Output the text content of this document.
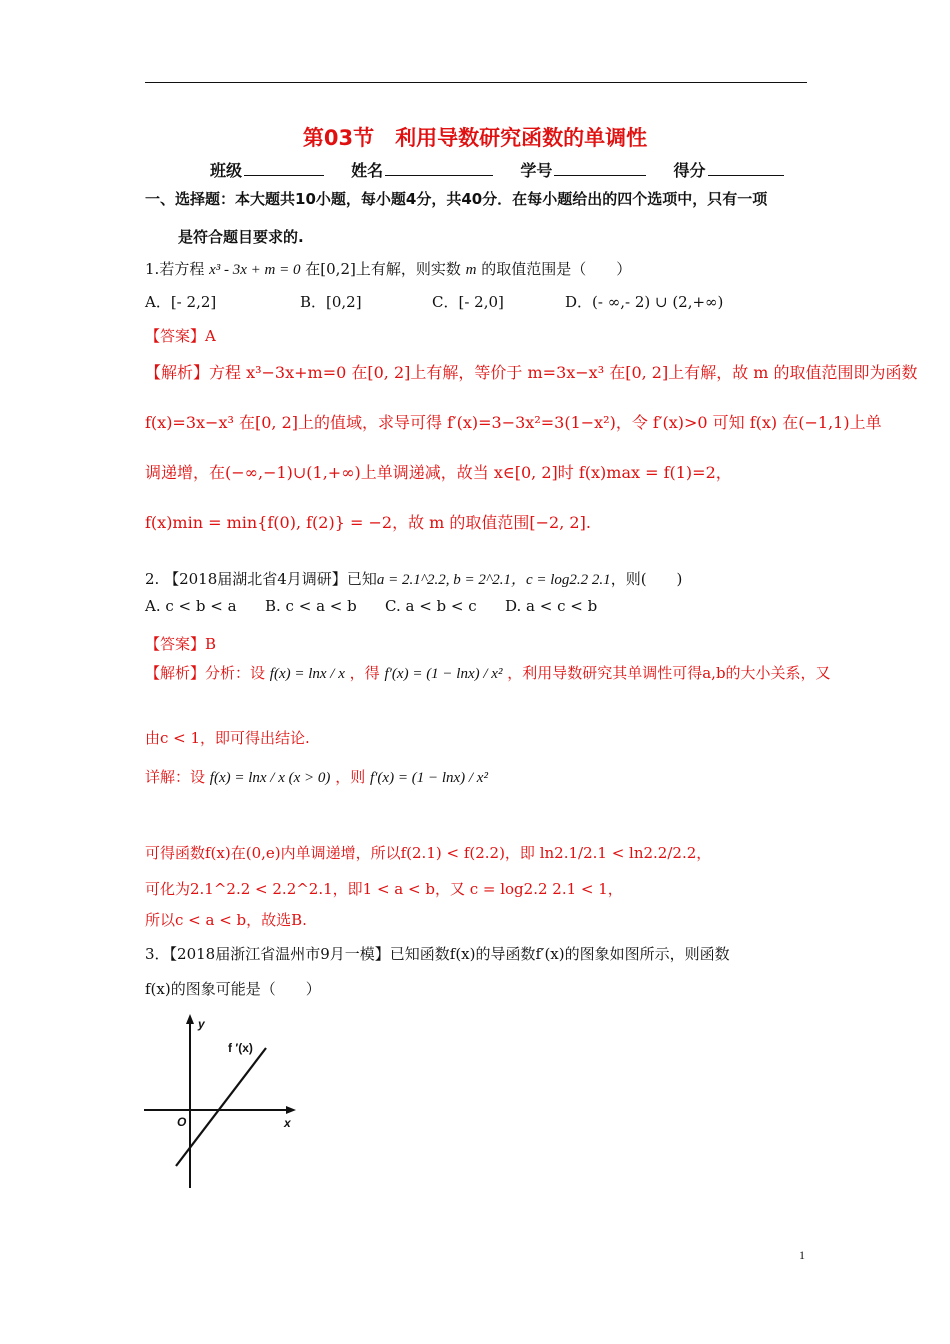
第03节　利用导数研究函数的单调性
班级	姓名	学号	得分
一、选择题：本大题共10小题，每小题4分，共40分．在每小题给出的四个选项中，只有一项
是符合题目要求的.
1.若方程 x³ - 3x + m = 0 在[0,2]上有解，则实数 m 的取值范围是（　　）
A．[- 2,2]	B．[0,2]	C．[- 2,0]	D．(- ∞,- 2) ∪ (2,+∞)
【答案】A
【解析】方程 x³−3x+m=0 在[0, 2]上有解，等价于 m=3x−x³ 在[0, 2]上有解，故 m 的取值范围即为函数
f(x)=3x−x³ 在[0, 2]上的值域，求导可得 f′(x)=3−3x²=3(1−x²)，令 f′(x)>0 可知 f(x) 在(−1,1)上单
调递增，在(−∞,−1)∪(1,+∞)上单调递减，故当 x∈[0, 2]时 f(x)max = f(1)=2，
f(x)min = min{f(0), f(2)} = −2，故 m 的取值范围[−2, 2].
2. 【2018届湖北省4月调研】已知a = 2.1^2.2, b = 2^2.1，c = log2.2 2.1，则(　　)
A. c < b < a B. c < a < b C. a < b < c D. a < c < b
【答案】B
【解析】分析：设 f(x) = lnx / x ，得 f′(x) = (1 − lnx) / x² ，利用导数研究其单调性可得a,b的大小关系，又
由c < 1，即可得出结论.
详解：设 f(x) = lnx / x (x > 0) ，则 f′(x) = (1 − lnx) / x²
可得函数f(x)在(0,e)内单调递增，所以f(2.1) < f(2.2)，即 ln2.1/2.1 < ln2.2/2.2，
可化为2.1^2.2 < 2.2^2.1，即1 < a < b，又 c = log2.2 2.1 < 1，
所以c < a < b，故选B.
3．【2018届浙江省温州市9月一模】已知函数f(x)的导函数f′(x)的图象如图所示，则函数
f(x)的图象可能是（　　）
y
x
O
f ′(x)
1
